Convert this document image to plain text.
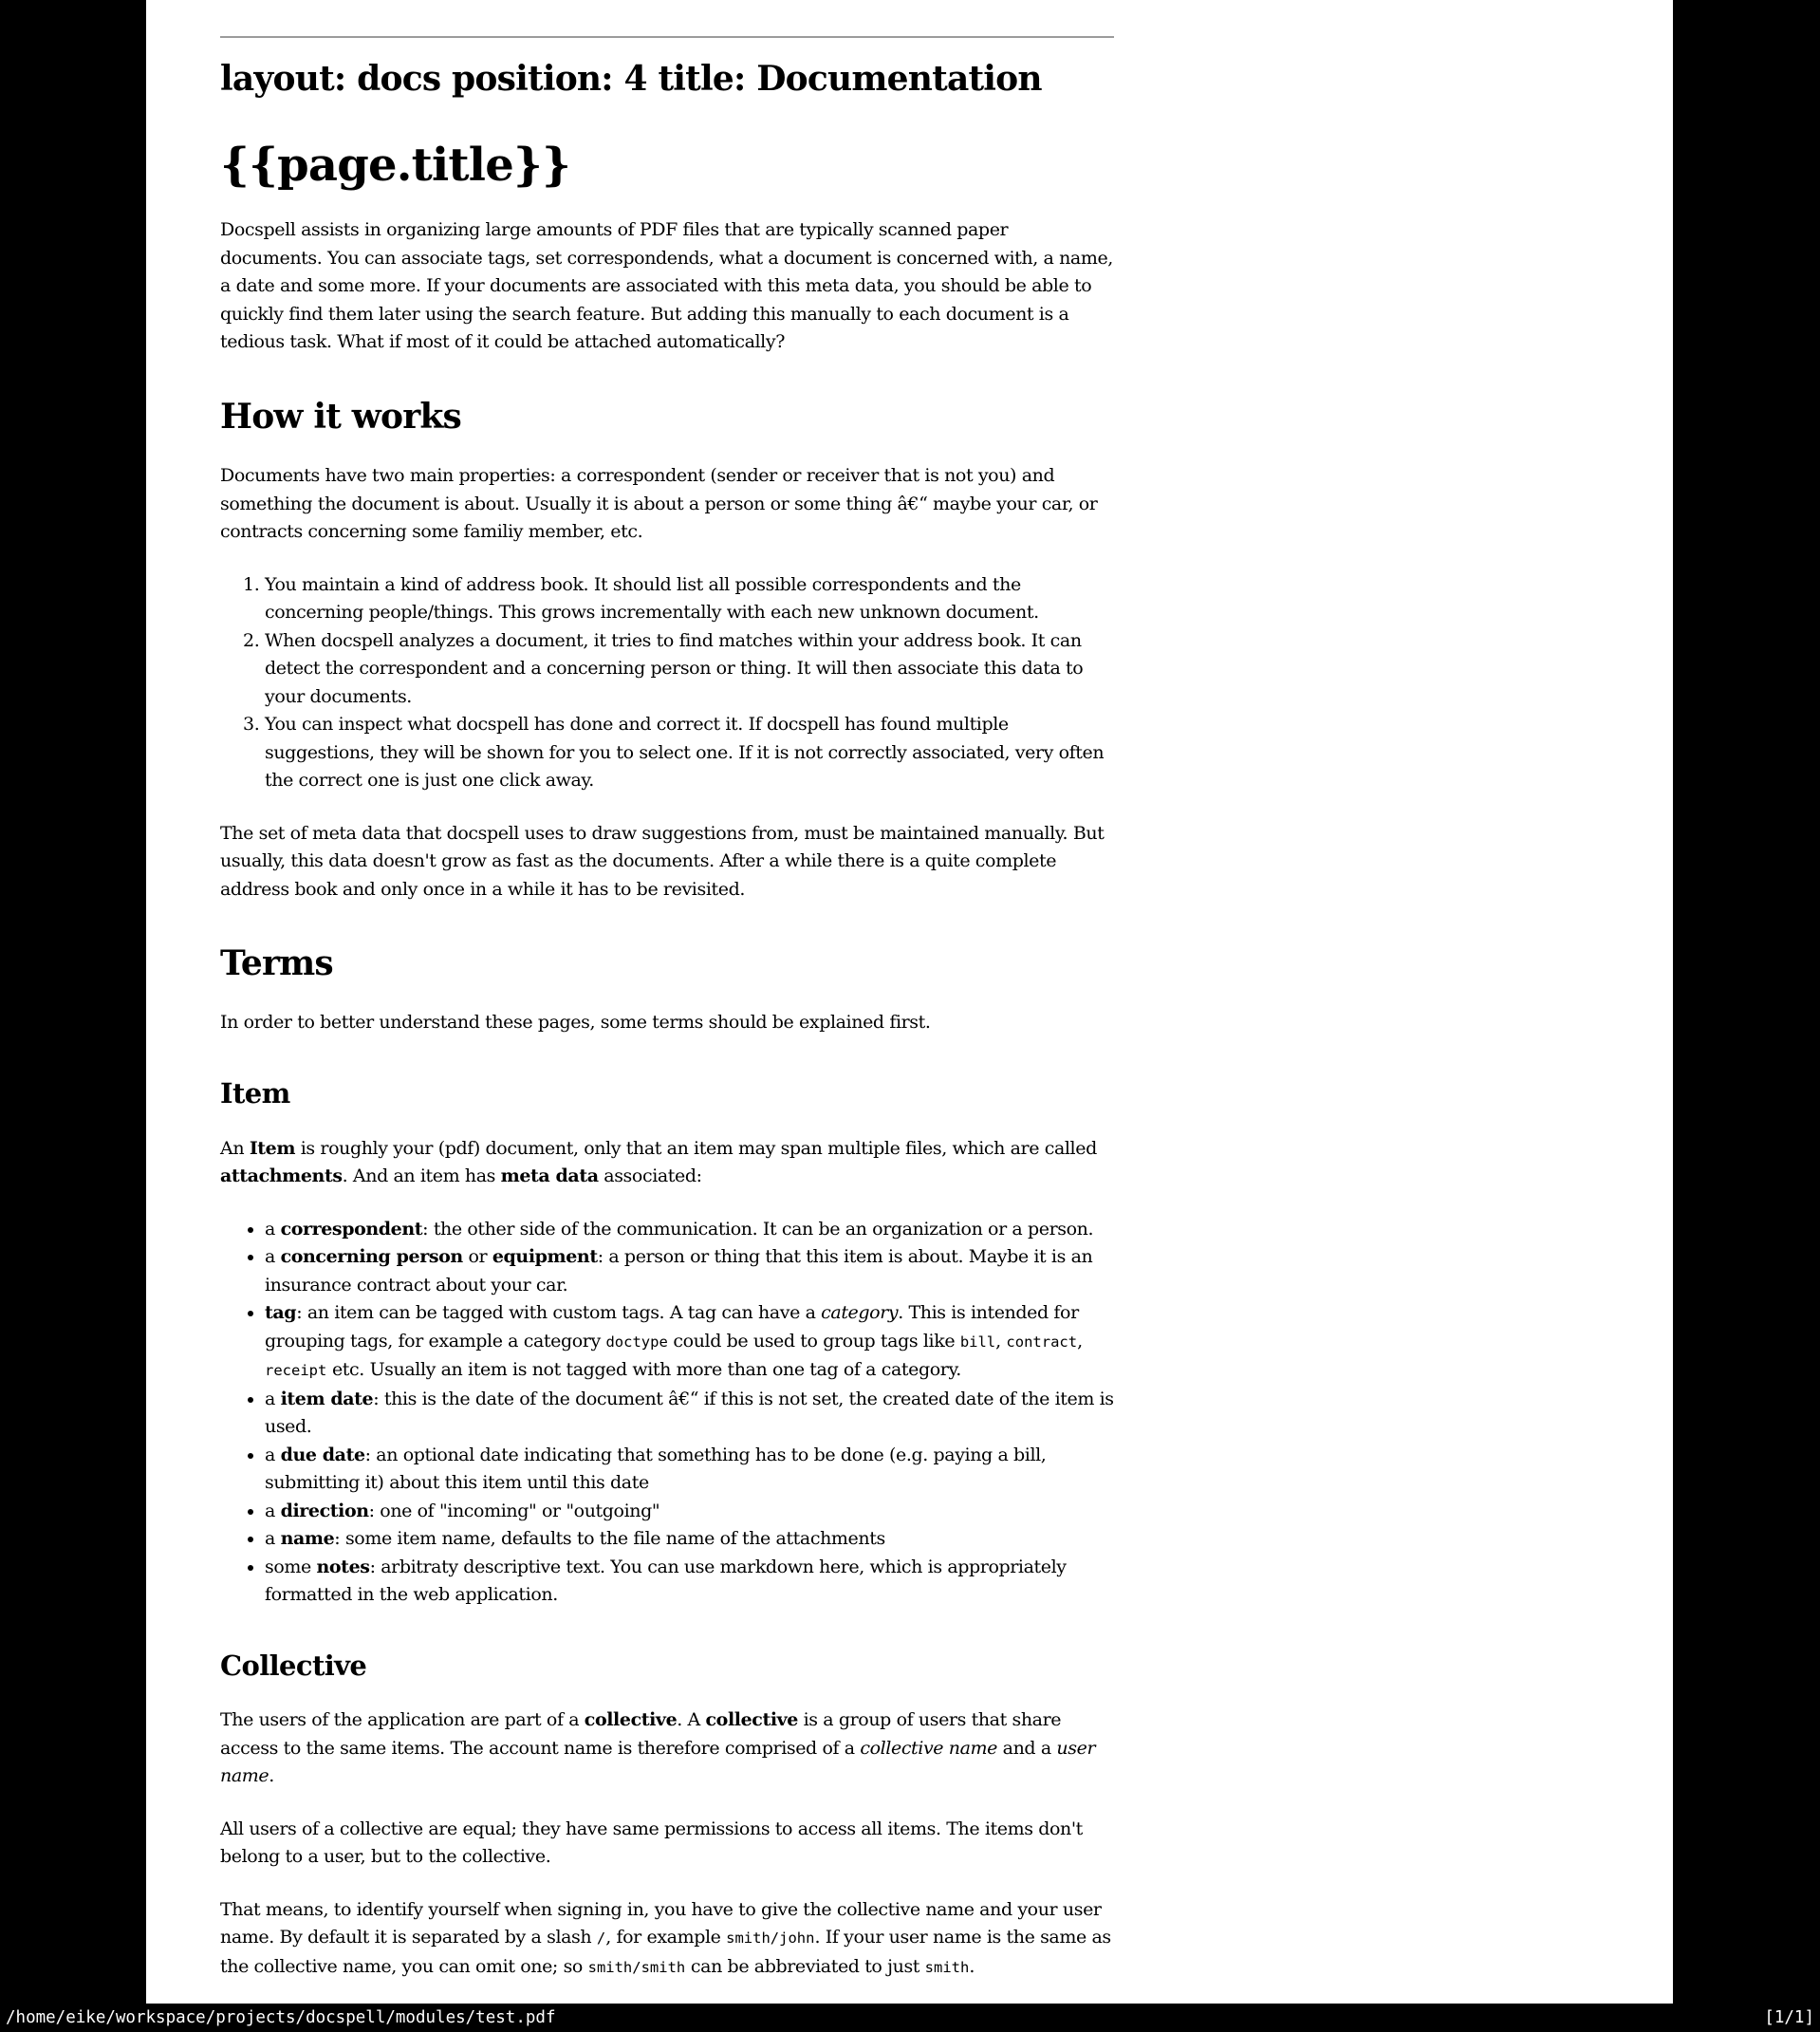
layout: docs position: 4 title: Documentation
{{page.title}}

Docspell assists in organizing large amounts of PDF files that are typically scanned paper documents. You can associate tags, set correspondends, what a document is concerned with, a name, a date and some more. If your documents are associated with this meta data, you should be able to quickly find them later using the search feature. But adding this manually to each document is a tedious task. What if most of it could be attached automatically?

How it works

Documents have two main properties: a correspondent (sender or receiver that is not you) and something the document is about. Usually it is about a person or some thing â€“ maybe your car, or contracts concerning some familiy member, etc.

1. You maintain a kind of address book. It should list all possible correspondents and the concerning people/things. This grows incrementally with each new unknown document.
2. When docspell analyzes a document, it tries to find matches within your address book. It can detect the correspondent and a concerning person or thing. It will then associate this data to your documents.
3. You can inspect what docspell has done and correct it. If docspell has found multiple suggestions, they will be shown for you to select one. If it is not correctly associated, very often the correct one is just one click away.

The set of meta data that docspell uses to draw suggestions from, must be maintained manually. But usually, this data doesn't grow as fast as the documents. After a while there is a quite complete address book and only once in a while it has to be revisited.

Terms

In order to better understand these pages, some terms should be explained first.

Item

An Item is roughly your (pdf) document, only that an item may span multiple files, which are called attachments. And an item has meta data associated:

• a correspondent: the other side of the communication. It can be an organization or a person.
• a concerning person or equipment: a person or thing that this item is about. Maybe it is an insurance contract about your car.
• tag: an item can be tagged with custom tags. A tag can have a category. This is intended for grouping tags, for example a category doctype could be used to group tags like bill, contract, receipt etc. Usually an item is not tagged with more than one tag of a category.
• a item date: this is the date of the document â€“ if this is not set, the created date of the item is used.
• a due date: an optional date indicating that something has to be done (e.g. paying a bill, submitting it) about this item until this date
• a direction: one of "incoming" or "outgoing"
• a name: some item name, defaults to the file name of the attachments
• some notes: arbitraty descriptive text. You can use markdown here, which is appropriately formatted in the web application.
Collective

The users of the application are part of a collective. A collective is a group of users that share access to the same items. The account name is therefore comprised of a collective name and a user name.

All users of a collective are equal; they have same permissions to access all items. The items don't belong to a user, but to the collective.

That means, to identify yourself when signing in, you have to give the collective name and your user name. By default it is separated by a slash /, for example smith/john. If your user name is the same as the collective name, you can omit one; so smith/smith can be abbreviated to just smith.

/home/eike/workspace/projects/docspell/modules/test.pdf	[1/1]
